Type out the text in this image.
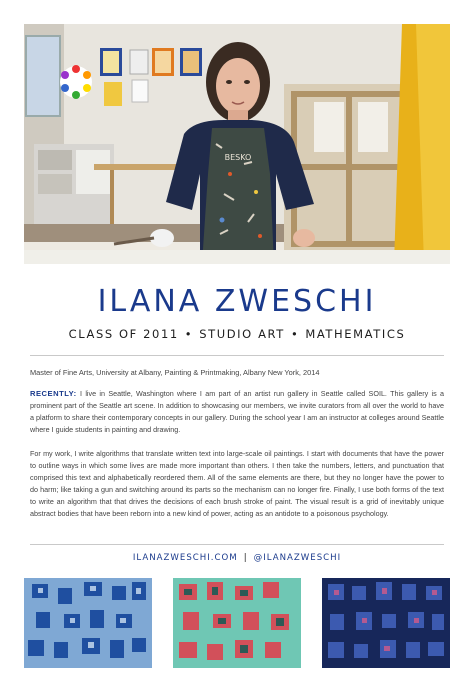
BESKO
ILANA ZWESCHI
CLASS OF 2011 • STUDIO ART • MATHEMATICS
Master of Fine Arts, University at Albany, Painting & Printmaking, Albany New York, 2014

RECENTLY: I live in Seattle, Washington where I am part of an artist run gallery in Seattle called SOIL. This gallery is a prominent part of the Seattle art scene. In addition to showcasing our members, we invite curators from all over the world to have a platform to share their contemporary concepts in our gallery. During the school year I am an instructor at colleges around Seattle where I guide students in painting and drawing.

For my work, I write algorithms that translate written text into large-scale oil paintings. I start with documents that have the power to outline ways in which some lives are made more important than others. I then take the numbers, letters, and punctuation that comprised this text and alphabetically reordered them. All of the same elements are there, but they no longer have the power to do harm; like taking a gun and switching around its parts so the mechanism can no longer fire. Finally, I use both forms of the text to write an algorithm that that drives the decisions of each brush stroke of paint. The visual result is a grid of inevitably unique abstract bodies that have been reborn into a new kind of power, acting as an antidote to a poisonous psychology.

ILANAZWESCHI.COM | @ILANAZWESCHI
